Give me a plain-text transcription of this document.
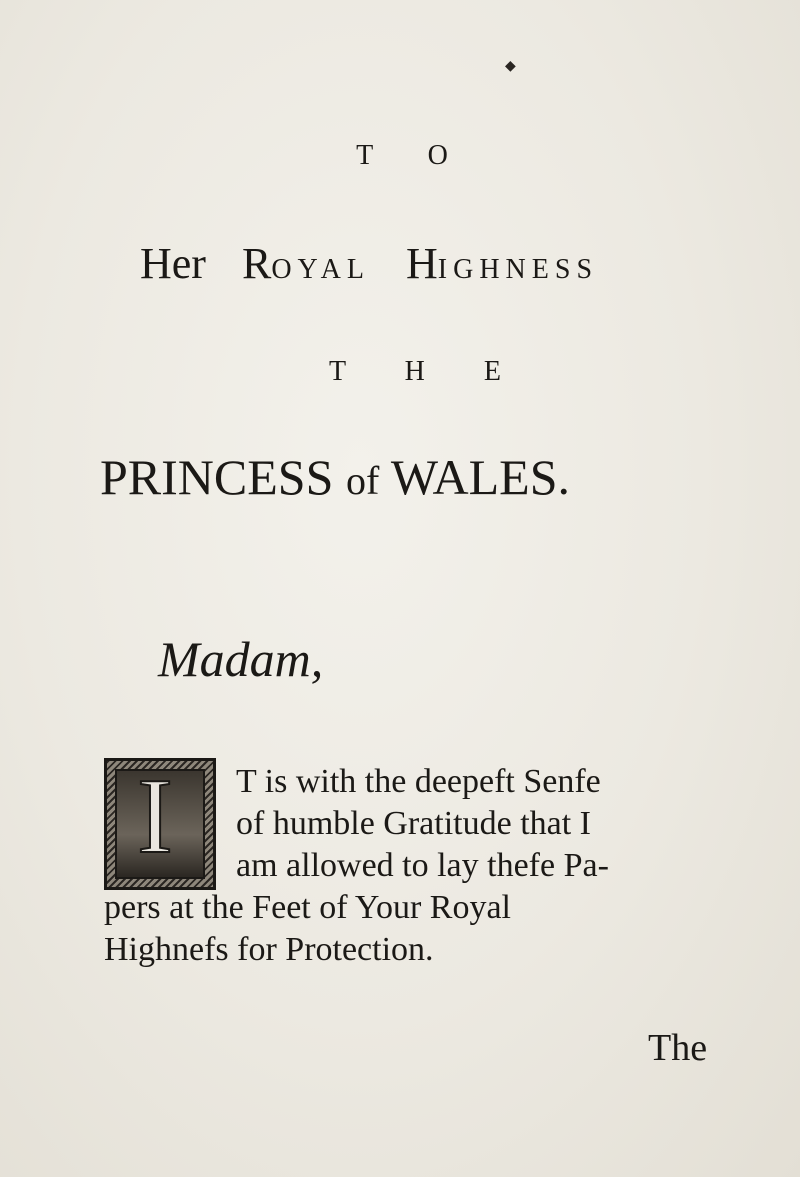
◆
T O
Her ROYAL HIGHNESS
T H E
PRINCESS of WALES.
Madam,
I T is with the deepeft Senfe
of humble Gratitude that I
am allowed to lay thefe Pa-
pers at the Feet of Your Royal
Highnefs for Protection.
The
